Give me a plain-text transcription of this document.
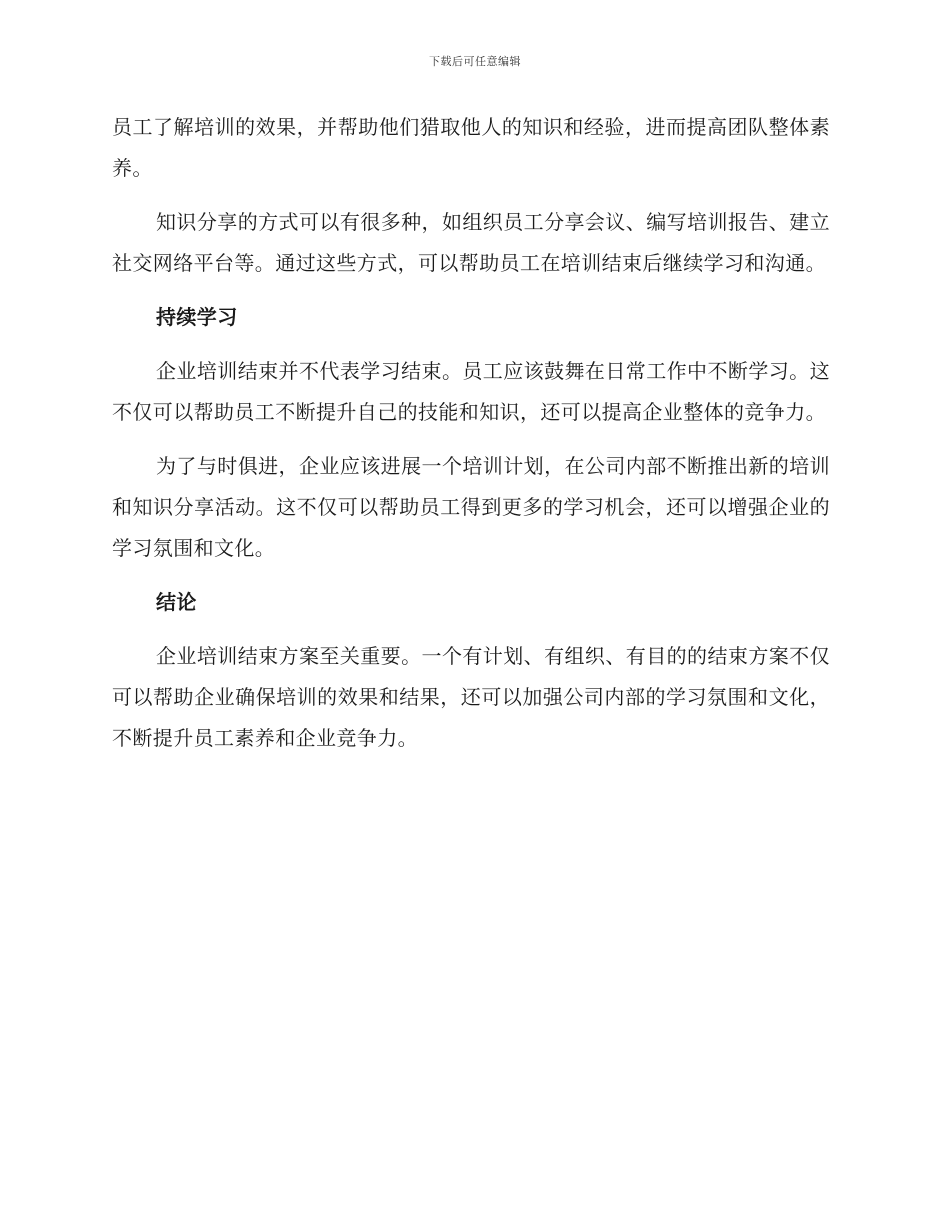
下载后可任意编辑

员工了解培训的效果，并帮助他们猎取他人的知识和经验，进而提高团队整体素养。

知识分享的方式可以有很多种，如组织员工分享会议、编写培训报告、建立社交网络平台等。通过这些方式，可以帮助员工在培训结束后继续学习和沟通。

持续学习

企业培训结束并不代表学习结束。员工应该鼓舞在日常工作中不断学习。这不仅可以帮助员工不断提升自己的技能和知识，还可以提高企业整体的竞争力。

为了与时俱进，企业应该进展一个培训计划，在公司内部不断推出新的培训和知识分享活动。这不仅可以帮助员工得到更多的学习机会，还可以增强企业的学习氛围和文化。

结论

企业培训结束方案至关重要。一个有计划、有组织、有目的的结束方案不仅可以帮助企业确保培训的效果和结果，还可以加强公司内部的学习氛围和文化，不断提升员工素养和企业竞争力。
